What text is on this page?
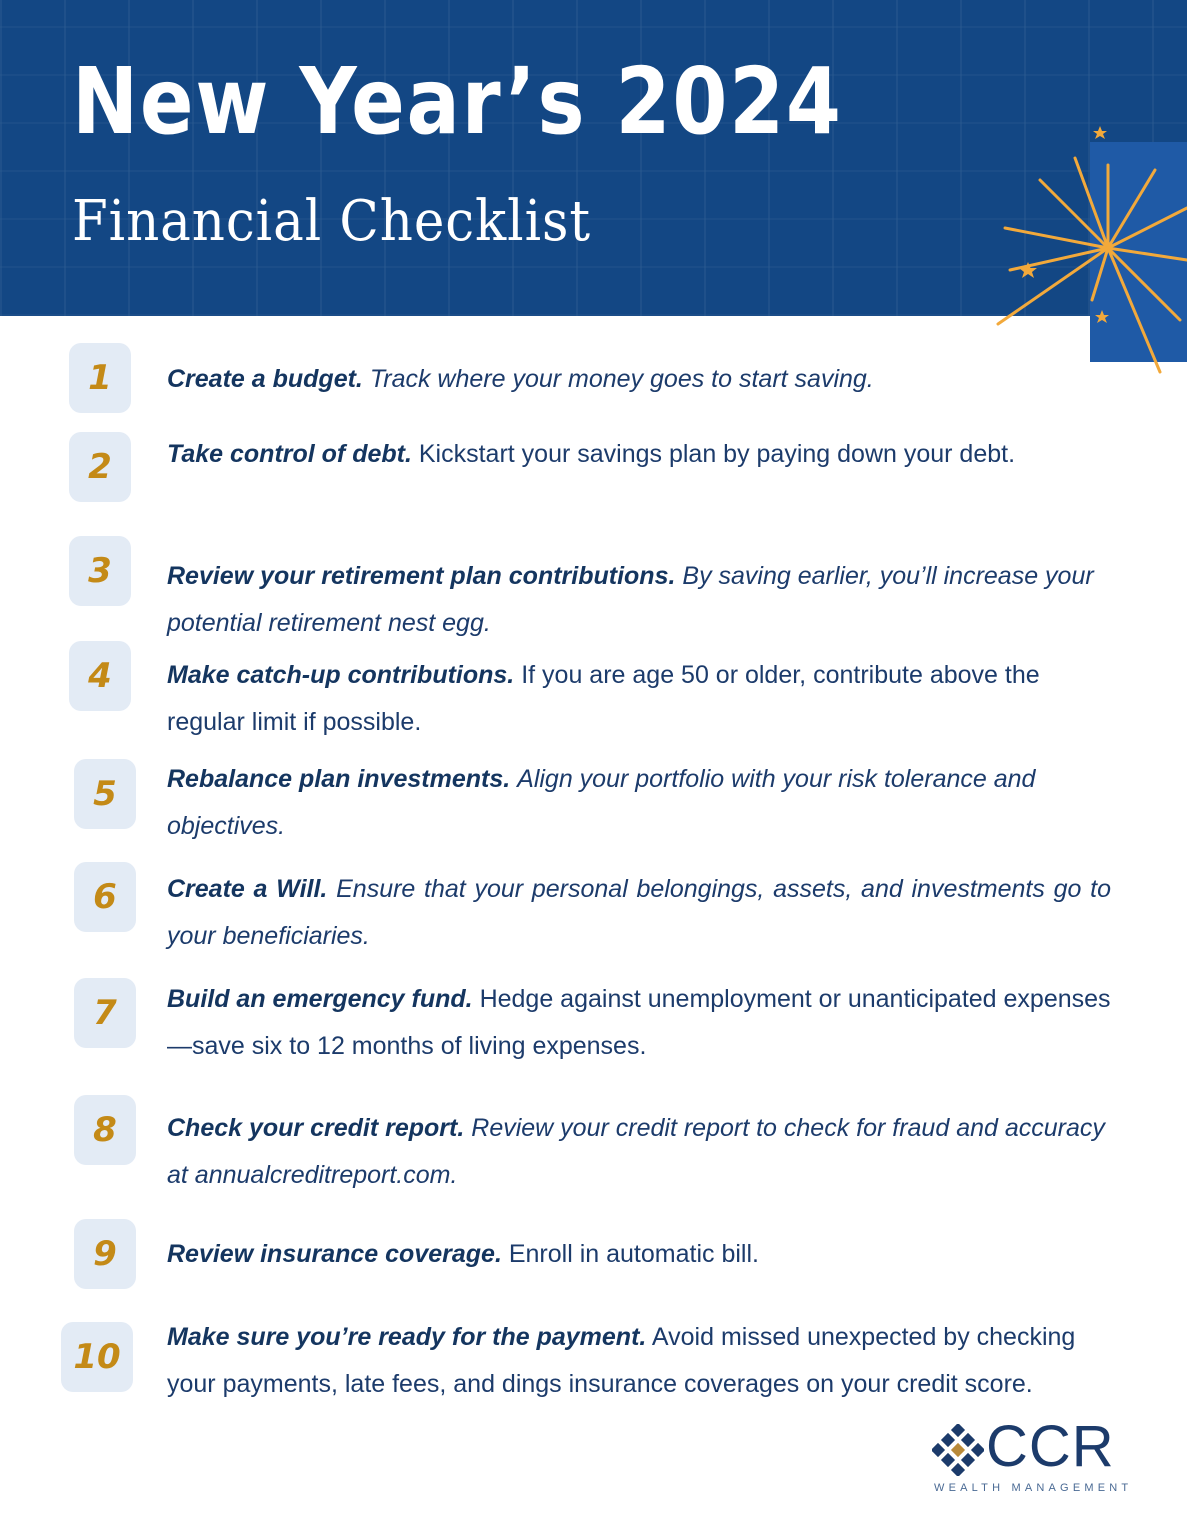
New Year’s 2024
Financial Checklist
1	Create a budget. Track where your money goes to start saving.

2	Take control of debt. Kickstart your savings plan by paying down your debt.

3	Review your retirement plan contributions. By saving earlier, you’ll increase your potential retirement nest egg.

4	Make catch-up contributions. If you are age 50 or older, contribute above the regular limit if possible.

5	Rebalance plan investments. Align your portfolio with your risk tolerance and objectives.

6	Create a Will. Ensure that your personal belongings, assets, and investments go to your beneficiaries.

7	Build an emergency fund. Hedge against unemployment or unanticipated expenses—save six to 12 months of living expenses.

8	Check your credit report. Review your credit report to check for fraud and accuracy at annualcreditreport.com.

9	Review insurance coverage. Enroll in automatic bill.

10	Make sure you’re ready for the payment. Avoid missed unexpected by checking your payments, late fees, and dings insurance coverages on your credit score.

CCR
WEALTH MANAGEMENT
